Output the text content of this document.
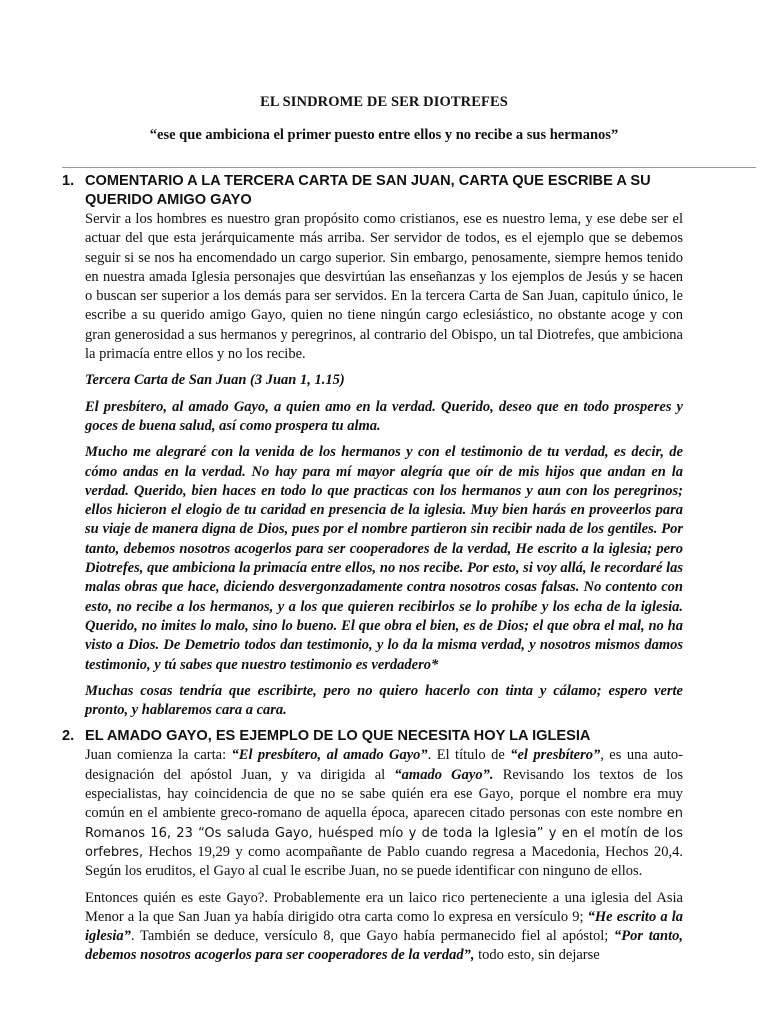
EL SINDROME DE SER DIOTREFES
“ese que ambiciona el primer puesto entre ellos y no recibe a sus hermanos”
1. COMENTARIO A LA TERCERA CARTA DE SAN JUAN, CARTA QUE ESCRIBE A SU QUERIDO AMIGO GAYO
Servir a los hombres es nuestro gran propósito como cristianos, ese es nuestro lema, y ese debe ser el actuar del que esta jerárquicamente más arriba. Ser servidor de todos, es el ejemplo que se debemos seguir si se nos ha encomendado un cargo superior. Sin embargo, penosamente, siempre hemos tenido en nuestra amada Iglesia personajes que desvirtúan las enseñanzas y los ejemplos de Jesús y se hacen o buscan ser superior a los demás para ser servidos. En la tercera Carta de San Juan, capitulo único, le escribe a su querido amigo Gayo, quien no tiene ningún cargo eclesiástico, no obstante acoge y con gran generosidad a sus hermanos y peregrinos, al contrario del Obispo, un tal Diotrefes, que ambiciona la primacía entre ellos y no los recibe.
Tercera Carta de San Juan (3 Juan 1, 1.15)
El presbítero, al amado Gayo, a quien amo en la verdad. Querido, deseo que en todo prosperes y goces de buena salud, así como prospera tu alma.
Mucho me alegraré con la venida de los hermanos y con el testimonio de tu verdad, es decir, de cómo andas en la verdad. No hay para mí mayor alegría que oír de mis hijos que andan en la verdad. Querido, bien haces en todo lo que practicas con los hermanos y aun con los peregrinos; ellos hicieron el elogio de tu caridad en presencia de la iglesia. Muy bien harás en proveerlos para su viaje de manera digna de Dios, pues por el nombre partieron sin recibir nada de los gentiles. Por tanto, debemos nosotros acogerlos para ser cooperadores de la verdad, He escrito a la iglesia; pero Diotrefes, que ambiciona la primacía entre ellos, no nos recibe. Por esto, si voy allá, le recordaré las malas obras que hace, diciendo desvergonzadamente contra nosotros cosas falsas. No contento con esto, no recibe a los hermanos, y a los que quieren recibirlos se lo prohíbe y los echa de la iglesia. Querido, no imites lo malo, sino lo bueno. El que obra el bien, es de Dios; el que obra el mal, no ha visto a Dios. De Demetrio todos dan testimonio, y lo da la misma verdad, y nosotros mismos damos testimonio, y tú sabes que nuestro testimonio es verdadero*
Muchas cosas tendría que escribirte, pero no quiero hacerlo con tinta y cálamo; espero verte pronto, y hablaremos cara a cara.
2. EL AMADO GAYO, ES EJEMPLO DE LO QUE NECESITA HOY LA IGLESIA
Juan comienza la carta: “El presbítero, al amado Gayo”. El título de “el presbítero”, es una auto-designación del apóstol Juan, y va dirigida al “amado Gayo”. Revisando los textos de los especialistas, hay coincidencia de que no se sabe quién era ese Gayo, porque el nombre era muy común en el ambiente greco-romano de aquella época, aparecen citado personas con este nombre en Romanos 16, 23 “Os saluda Gayo, huésped mío y de toda la Iglesia” y en el motín de los orfebres, Hechos 19,29 y como acompañante de Pablo cuando regresa a Macedonia, Hechos 20,4. Según los eruditos, el Gayo al cual le escribe Juan, no se puede identificar con ninguno de ellos.
Entonces quién es este Gayo?. Probablemente era un laico rico perteneciente a una iglesia del Asia Menor a la que San Juan ya había dirigido otra carta como lo expresa en versículo 9; “He escrito a la iglesia”. También se deduce, versículo 8, que Gayo había permanecido fiel al apóstol; “Por tanto, debemos nosotros acogerlos para ser cooperadores de la verdad”, todo esto, sin dejarse
